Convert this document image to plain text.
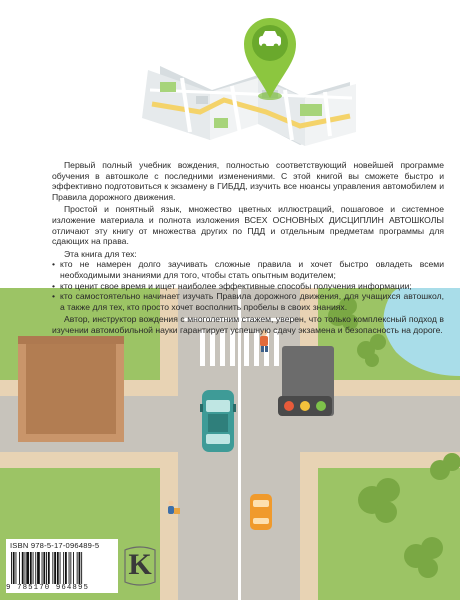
Первый полный учебник вождения, полностью соответствующий новейшей программе обучения в автошколе с последними изменениями. С этой книгой вы сможете быстро и эффективно подготовиться к экзамену в ГИБДД, изучить все нюансы управления автомобилем и Правила дорожного движения.

Простой и понятный язык, множество цветных иллюстраций, пошаговое и системное изложение материала и полнота изложения ВСЕХ ОСНОВНЫХ ДИСЦИПЛИН АВТОШКОЛЫ отличают эту книгу от множества других по ПДД и отдельным предметам программы для сдающих на права.

Эта книга для тех:
• кто не намерен долго заучивать сложные правила и хочет быстро овладеть всеми необходимыми знаниями для того, чтобы стать опытным водителем;
• кто ценит свое время и ищет наиболее эффективные способы получения информации;
• кто самостоятельно начинает изучать Правила дорожного движения, для учащихся автошкол, а также для тех, кто просто хочет восполнить пробелы в своих знаниях.

Автор, инструктор вождения с многолетним стажем, уверен, что только комплексный подход в изучении автомобильной науки гарантирует успешную сдачу экзамена и безопасность на дороге.

ISBN 978-5-17-096489-5
9 785170 964895
K
